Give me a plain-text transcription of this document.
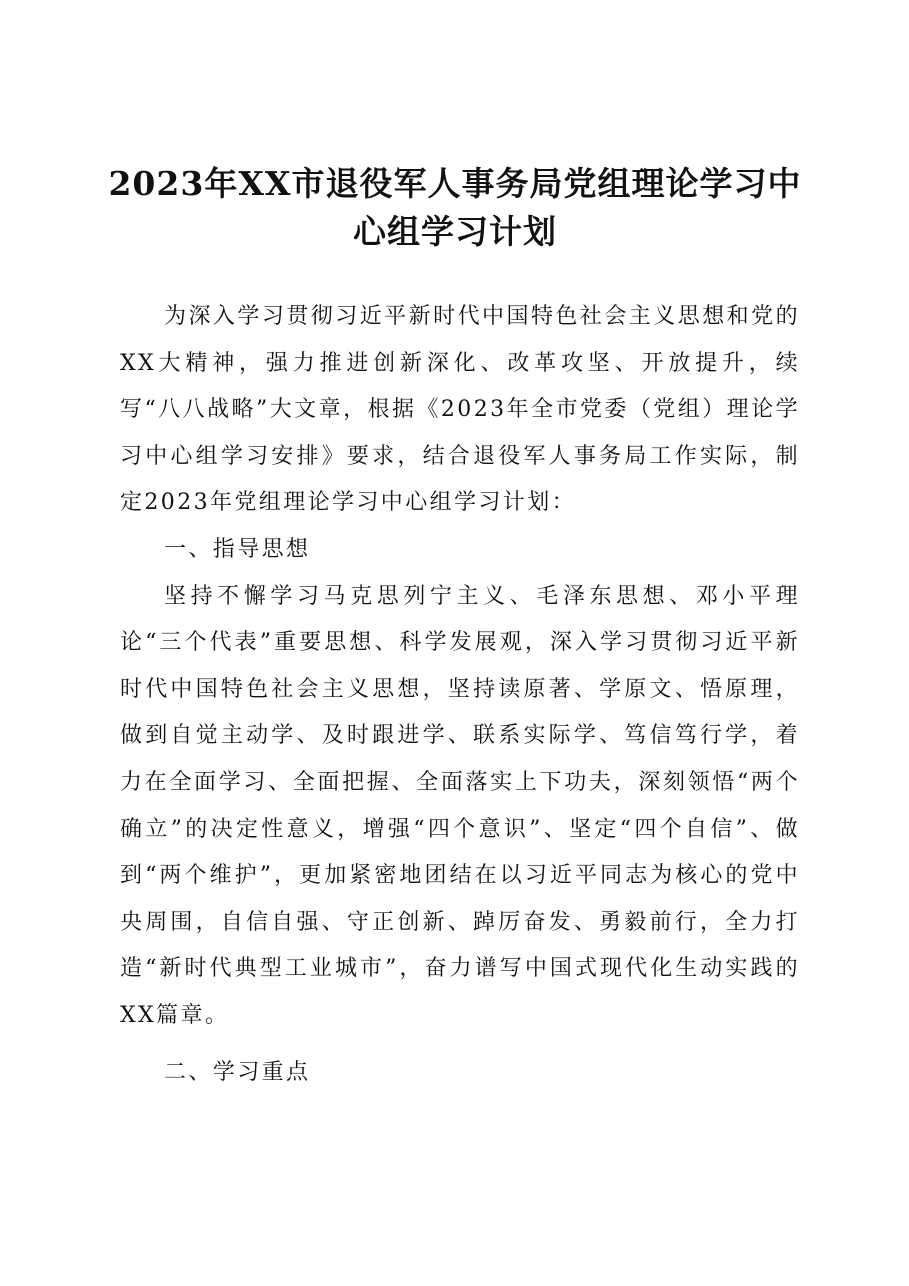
2023年XX市退役军人事务局党组理论学习中
心组学习计划

为深入学习贯彻习近平新时代中国特色社会主义思想和党的XX大精神，强力推进创新深化、改革攻坚、开放提升，续写“八八战略”大文章，根据《2023年全市党委（党组）理论学习中心组学习安排》要求，结合退役军人事务局工作实际，制定2023年党组理论学习中心组学习计划：

一、指导思想

坚持不懈学习马克思列宁主义、毛泽东思想、邓小平理论“三个代表”重要思想、科学发展观，深入学习贯彻习近平新时代中国特色社会主义思想，坚持读原著、学原文、悟原理，做到自觉主动学、及时跟进学、联系实际学、笃信笃行学，着力在全面学习、全面把握、全面落实上下功夫，深刻领悟“两个确立”的决定性意义，增强“四个意识”、坚定“四个自信”、做到“两个维护”，更加紧密地团结在以习近平同志为核心的党中央周围，自信自强、守正创新、踔厉奋发、勇毅前行，全力打造“新时代典型工业城市”，奋力谱写中国式现代化生动实践的XX篇章。

二、学习重点
